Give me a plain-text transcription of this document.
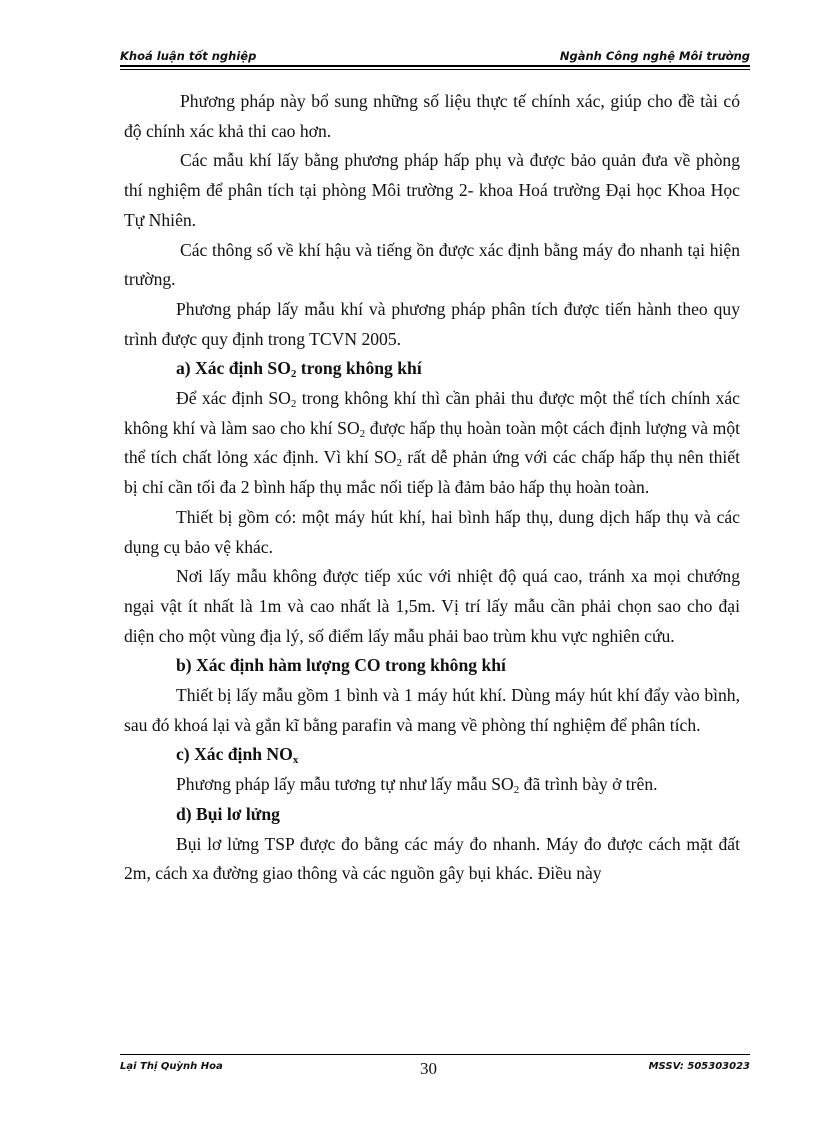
Khoá luận tốt nghiệp	Ngành Công nghệ Môi trường

Phương pháp này bổ sung những số liệu thực tế chính xác, giúp cho đề tài có độ chính xác khả thi cao hơn.

Các mẫu khí lấy bằng phương pháp hấp phụ và được bảo quản đưa về phòng thí nghiệm để phân tích tại phòng Môi trường 2- khoa Hoá trường Đại học Khoa Học Tự Nhiên.

Các thông số về khí hậu và tiếng ồn được xác định bằng máy đo nhanh tại hiện trường.

Phương pháp lấy mẫu khí và phương pháp phân tích được tiến hành theo quy trình được quy định trong TCVN 2005.

a) Xác định $SO_2$ trong không khí

Để xác định $SO_2$ trong không khí thì cần phải thu được một thể tích chính xác không khí và làm sao cho khí $SO_2$ được hấp thụ hoàn toàn một cách định lượng và một thể tích chất lỏng xác định. Vì khí $SO_2$ rất dễ phản ứng với các chấp hấp thụ nên thiết bị chỉ cần tối đa 2 bình hấp thụ mắc nối tiếp là đảm bảo hấp thụ hoàn toàn.

Thiết bị gồm có: một máy hút khí, hai bình hấp thụ, dung dịch hấp thụ và các dụng cụ bảo vệ khác.

Nơi lấy mẫu không được tiếp xúc với nhiệt độ quá cao, tránh xa mọi chướng ngại vật ít nhất là 1m và cao nhất là 1,5m. Vị trí lấy mẫu cần phải chọn sao cho đại diện cho một vùng địa lý, số điểm lấy mẫu phải bao trùm khu vực nghiên cứu.

b) Xác định hàm lượng CO trong không khí

Thiết bị lấy mẫu gồm 1 bình và 1 máy hút khí. Dùng máy hút khí đẩy vào bình, sau đó khoá lại và gắn kĩ bằng parafin và mang về phòng thí nghiệm để phân tích.

c) Xác định $NO_x$

Phương pháp lấy mẫu tương tự như lấy mẫu $SO_2$ đã trình bày ở trên.

d) Bụi lơ lửng

Bụi lơ lửng TSP được đo bằng các máy đo nhanh. Máy đo được cách mặt đất 2m, cách xa đường giao thông và các nguồn gây bụi khác. Điều này

Lại Thị Quỳnh Hoa	30	MSSV: 505303023
